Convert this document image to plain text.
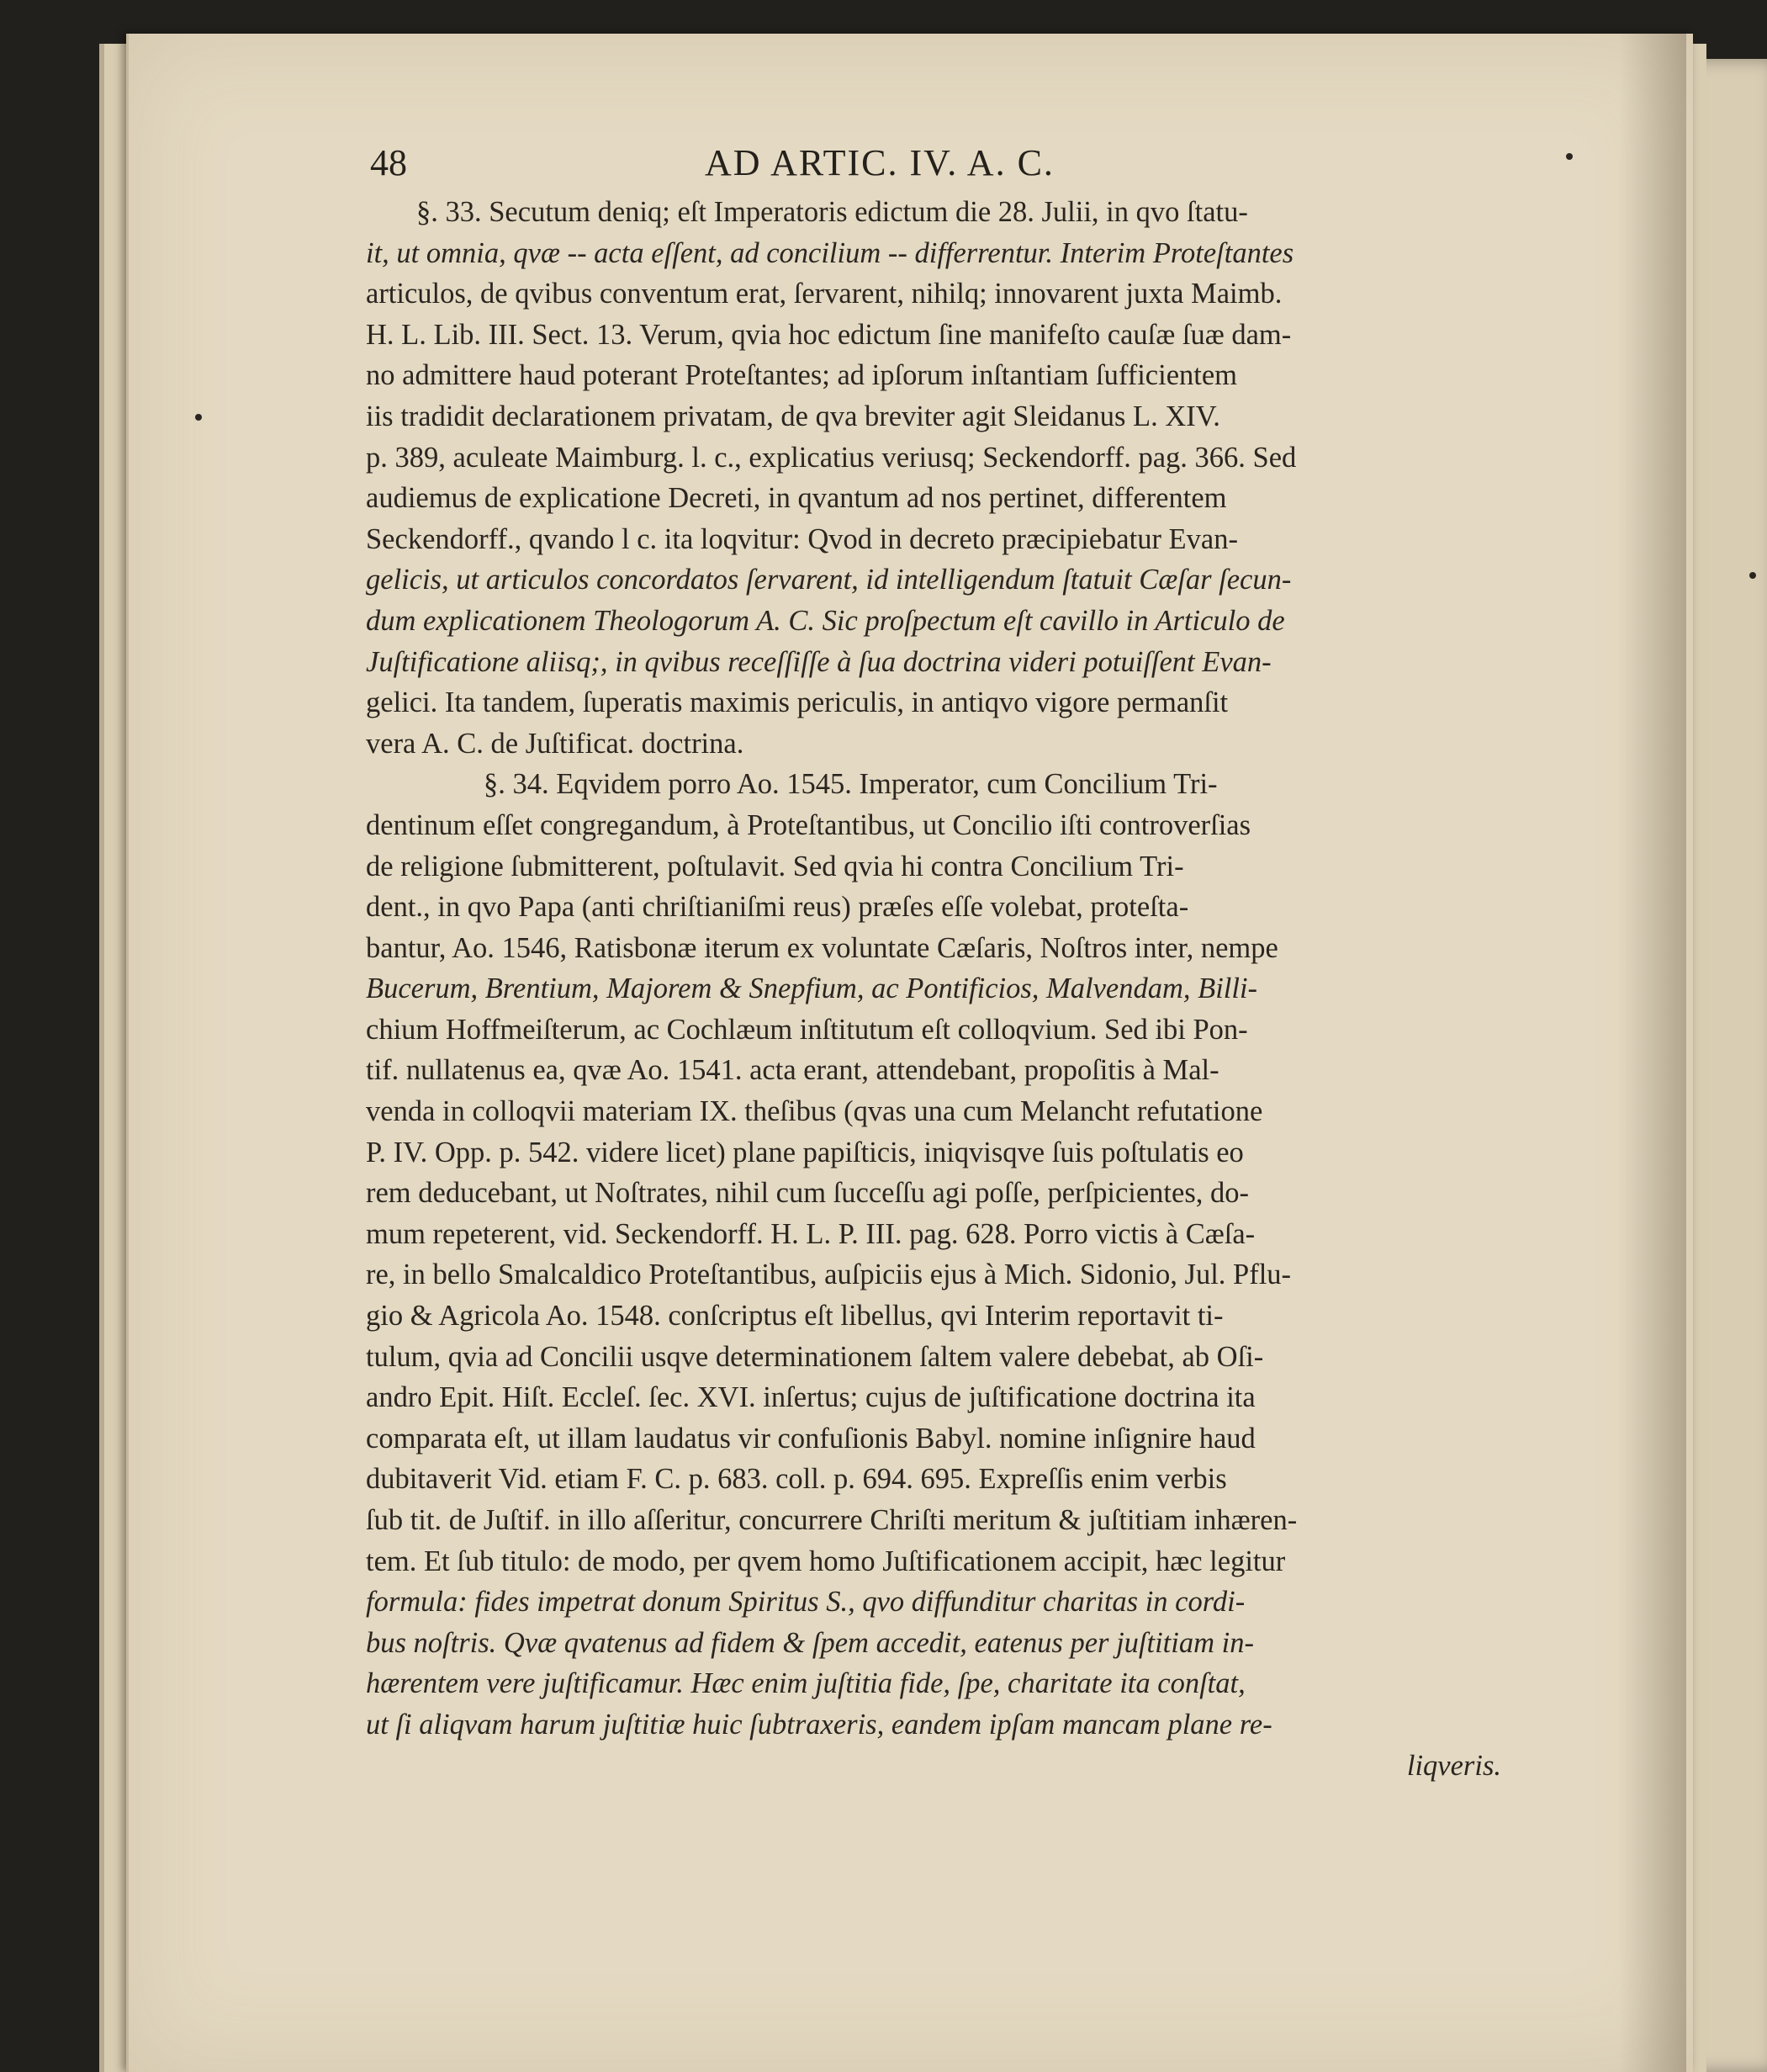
48	AD ARTIC. IV. A. C.
§. 33. Secutum deniq; eſt Imperatoris edictum die 28. Julii, in qvo ſtatu-
it, ut omnia, qvæ -- acta eſſent, ad concilium -- differrentur. Interim Proteſtantes
articulos, de qvibus conventum erat, ſervarent, nihilq; innovarent juxta Maimb.
H. L. Lib. III. Sect. 13. Verum, qvia hoc edictum ſine manifeſto cauſæ ſuæ dam-
no admittere haud poterant Proteſtantes; ad ipſorum inſtantiam ſufficientem
iis tradidit declarationem privatam, de qva breviter agit Sleidanus L. XIV.
p. 389, aculeate Maimburg. l. c., explicatius veriusq; Seckendorff. pag. 366. Sed
audiemus de explicatione Decreti, in qvantum ad nos pertinet, differentem
Seckendorff., qvando l c. ita loqvitur: Qvod in decreto præcipiebatur Evan-
gelicis, ut articulos concordatos ſervarent, id intelligendum ſtatuit Cæſar ſecun-
dum explicationem Theologorum A. C. Sic proſpectum eſt cavillo in Articulo de
Juſtificatione aliisq;, in qvibus receſſiſſe à ſua doctrina videri potuiſſent Evan-
gelici. Ita tandem, ſuperatis maximis periculis, in antiqvo vigore permanſit
vera A. C. de Juſtificat. doctrina.
§. 34. Eqvidem porro Ao. 1545. Imperator, cum Concilium Tri-
dentinum eſſet congregandum, à Proteſtantibus, ut Concilio iſti controverſias
de religione ſubmitterent, poſtulavit. Sed qvia hi contra Concilium Tri-
dent., in qvo Papa (anti chriſtianiſmi reus) præſes eſſe volebat, proteſta-
bantur, Ao. 1546, Ratisbonæ iterum ex voluntate Cæſaris, Noſtros inter, nempe
Bucerum, Brentium, Majorem & Snepfium, ac Pontificios, Malvendam, Billi-
chium Hoffmeiſterum, ac Cochlæum inſtitutum eſt colloqvium. Sed ibi Pon-
tif. nullatenus ea, qvæ Ao. 1541. acta erant, attendebant, propoſitis à Mal-
venda in colloqvii materiam IX. theſibus (qvas una cum Melancht refutatione
P. IV. Opp. p. 542. videre licet) plane papiſticis, iniqvisqve ſuis poſtulatis eo
rem deducebant, ut Noſtrates, nihil cum ſucceſſu agi poſſe, perſpicientes, do-
mum repeterent, vid. Seckendorff. H. L. P. III. pag. 628. Porro victis à Cæſa-
re, in bello Smalcaldico Proteſtantibus, auſpiciis ejus à Mich. Sidonio, Jul. Pflu-
gio & Agricola Ao. 1548. conſcriptus eſt libellus, qvi Interim reportavit ti-
tulum, qvia ad Concilii usqve determinationem ſaltem valere debebat, ab Oſi-
andro Epit. Hiſt. Eccleſ. ſec. XVI. inſertus; cujus de juſtificatione doctrina ita
comparata eſt, ut illam laudatus vir confuſionis Babyl. nomine inſignire haud
dubitaverit Vid. etiam F. C. p. 683. coll. p. 694. 695. Expreſſis enim verbis
ſub tit. de Juſtif. in illo aſſeritur, concurrere Chriſti meritum & juſtitiam inhæren-
tem. Et ſub titulo: de modo, per qvem homo Juſtificationem accipit, hæc legitur
formula: fides impetrat donum Spiritus S., qvo diffunditur charitas in cordi-
bus noſtris. Qvæ qvatenus ad fidem & ſpem accedit, eatenus per juſtitiam in-
hærentem vere juſtificamur. Hæc enim juſtitia fide, ſpe, charitate ita conſtat,
ut ſi aliqvam harum juſtitiæ huic ſubtraxeris, eandem ipſam mancam plane re-
liqveris.
